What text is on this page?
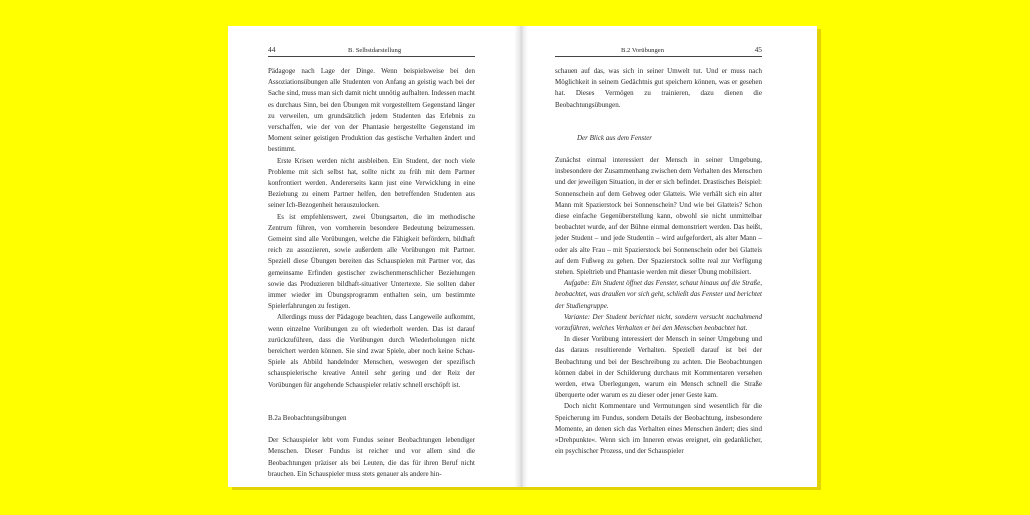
44	B. Selbstdarstellung

Pädagoge nach Lage der Dinge. Wenn beispielsweise bei den Assoziationsübungen alle Studenten von Anfang an geistig wach bei der Sache sind, muss man sich damit nicht unnötig aufhalten. Indessen macht es durchaus Sinn, bei den Übungen mit vorgestelltem Gegenstand länger zu verweilen, um grundsätzlich jedem Studenten das Erlebnis zu verschaffen, wie der von der Phantasie hergestellte Gegenstand im Moment seiner geistigen Produktion das gestische Verhalten ändert und bestimmt.

Erste Krisen werden nicht ausbleiben. Ein Student, der noch viele Probleme mit sich selbst hat, sollte nicht zu früh mit dem Partner konfrontiert werden. Andererseits kann just eine Verwicklung in eine Beziehung zu einem Partner helfen, den betreffenden Studenten aus seiner Ich-Bezogenheit herauszulocken.

Es ist empfehlenswert, zwei Übungsarten, die im methodische Zentrum führen, von vornherein besondere Bedeutung beizumessen. Gemeint sind alle Vorübungen, welche die Fähigkeit befördern, bildhaft reich zu assoziieren, sowie außerdem alle Vorübungen mit Partner. Speziell diese Übungen bereiten das Schauspielen mit Partner vor, das gemeinsame Erfinden gestischer zwischenmenschlicher Beziehungen sowie das Produzieren bildhaft-situativer Untertexte. Sie sollten daher immer wieder im Übungsprogramm enthalten sein, um bestimmte Spielerfahrungen zu festigen.

Allerdings muss der Pädagoge beachten, dass Langeweile aufkommt, wenn einzelne Vorübungen zu oft wiederholt werden. Das ist darauf zurückzuführen, dass die Vorübungen durch Wiederholungen nicht bereichert werden können. Sie sind zwar Spiele, aber noch keine Schau-Spiele als Abbild handelnder Menschen, weswegen der spezifisch schauspielerische kreative Anteil sehr gering und der Reiz der Vorübungen für angehende Schauspieler relativ schnell erschöpft ist.

B.2a Beobachtungsübungen

Der Schauspieler lebt vom Fundus seiner Beobachtungen lebendiger Menschen. Dieser Fundus ist reicher und vor allem sind die Beobachtungen präziser als bei Leuten, die das für ihren Beruf nicht brauchen. Ein Schauspieler muss stets genauer als andere hin-

B.2 Vorübungen	45

schauen auf das, was sich in seiner Umwelt tut. Und er muss nach Möglichkeit in seinem Gedächtnis gut speichern können, was er gesehen hat. Dieses Vermögen zu trainieren, dazu dienen die Beobachtungsübungen.

Der Blick aus dem Fenster

Zunächst einmal interessiert der Mensch in seiner Umgebung, insbesondere der Zusammenhang zwischen dem Verhalten des Menschen und der jeweiligen Situation, in der er sich befindet. Drastisches Beispiel: Sonnenschein auf dem Gehweg oder Glatteis. Wie verhält sich ein alter Mann mit Spazierstock bei Sonnenschein? Und wie bei Glatteis? Schon diese einfache Gegenüberstellung kann, obwohl sie nicht unmittelbar beobachtet wurde, auf der Bühne einmal demonstriert werden. Das heißt, jeder Student – und jede Studentin – wird aufgefordert, als alter Mann – oder als alte Frau – mit Spazierstock bei Sonnenschein oder bei Glatteis auf dem Fußweg zu gehen. Der Spazierstock sollte real zur Verfügung stehen. Spieltrieb und Phantasie werden mit dieser Übung mobilisiert.

Aufgabe: Ein Student öffnet das Fenster, schaut hinaus auf die Straße, beobachtet, was draußen vor sich geht, schließt das Fenster und berichtet der Studiengruppe.

Variante: Der Student berichtet nicht, sondern versucht nachahmend vorzuführen, welches Verhalten er bei den Menschen beobachtet hat.

In dieser Vorübung interessiert der Mensch in seiner Umgebung und das daraus resultierende Verhalten. Speziell darauf ist bei der Beobachtung und bei der Beschreibung zu achten. Die Beobachtungen können dabei in der Schilderung durchaus mit Kommentaren versehen werden, etwa Überlegungen, warum ein Mensch schnell die Straße überquerte oder warum es zu dieser oder jener Geste kam.

Doch nicht Kommentare und Vermutungen sind wesentlich für die Speicherung im Fundus, sondern Details der Beobachtung, insbesondere Momente, an denen sich das Verhalten eines Menschen ändert; dies sind »Drehpunkte«. Wenn sich im Inneren etwas ereignet, ein gedanklicher, ein psychischer Prozess, und der Schauspieler
